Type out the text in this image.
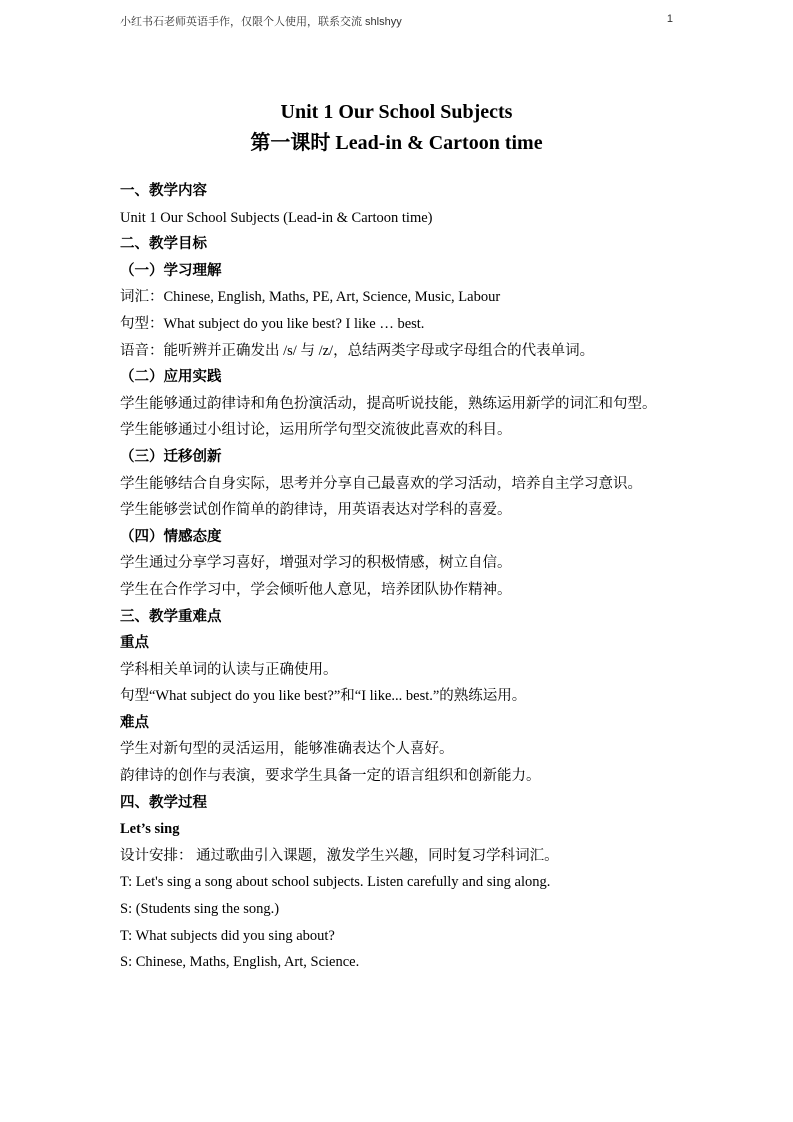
小红书石老师英语手作，仅限个人使用，联系交流 shlshyy	1
Unit 1 Our School Subjects
第一课时 Lead-in & Cartoon time
一、教学内容
Unit 1 Our School Subjects (Lead-in & Cartoon time)
二、教学目标
（一）学习理解
词汇：Chinese, English, Maths, PE, Art, Science, Music, Labour
句型：What subject do you like best? I like … best.
语音：能听辨并正确发出 /s/ 与 /z/，总结两类字母或字母组合的代表单词。
（二）应用实践
学生能够通过韵律诗和角色扮演活动，提高听说技能，熟练运用新学的词汇和句型。
学生能够通过小组讨论，运用所学句型交流彼此喜欢的科目。
（三）迁移创新
学生能够结合自身实际，思考并分享自己最喜欢的学习活动，培养自主学习意识。
学生能够尝试创作简单的韵律诗，用英语表达对学科的喜爱。
（四）情感态度
学生通过分享学习喜好，增强对学习的积极情感，树立自信。
学生在合作学习中，学会倾听他人意见，培养团队协作精神。
三、教学重难点
重点
学科相关单词的认读与正确使用。
句型“What subject do you like best?”和“I like... best.”的熟练运用。
难点
学生对新句型的灵活运用，能够准确表达个人喜好。
韵律诗的创作与表演，要求学生具备一定的语言组织和创新能力。
四、教学过程
Let’s sing
设计安排： 通过歌曲引入课题，激发学生兴趣，同时复习学科词汇。
T: Let's sing a song about school subjects. Listen carefully and sing along.
S: (Students sing the song.)
T: What subjects did you sing about?
S: Chinese, Maths, English, Art, Science.
